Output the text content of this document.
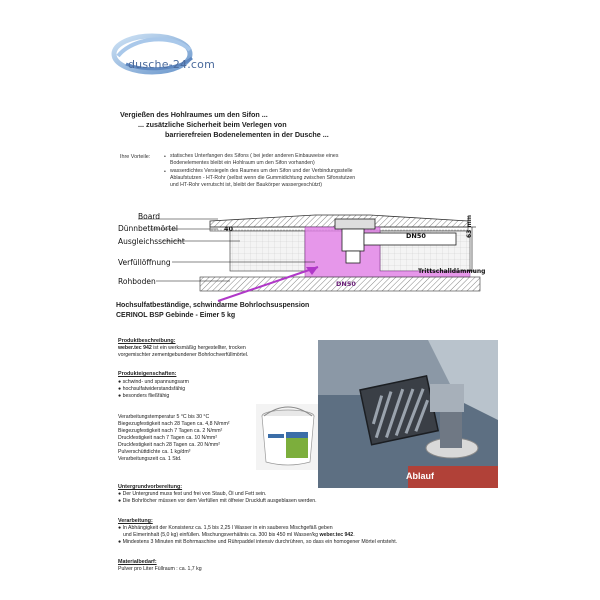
dusche-24.com
Vergießen des Hohlraumes um den Sifon ...
... zusätzliche Sicherheit beim Verlegen von
barrierefreien Bodenelementen in der Dusche ...
Ihre Vorteile:	• statisches Unterfangen des Sifons ( bei jeder anderen Einbauweise eines
Bodenelementes bleibt ein Hohlraum um den Sifon vorhanden)
• wasserdichtes Versiegeln des Raumes um den Sifon und der Verbindungsstelle
Ablaufstutzen - HT-Rohr (selbst wenn die Gummidichtung zwischen Sifonstutzen
und HT-Rohr verrutscht ist, bleibt der Baukörper wassergeschützt)
Board
Dünnbettmörtel
Ausgleichsschicht
Verfüllöffnung
Rohboden
40
DN50
DN50
63 mm
Trittschalldämmung
Hochsulfatbeständige, schwindarme Bohrlochsuspension
CERINOL BSP Gebinde - Eimer 5 kg
Produktbeschreibung:
weber.tec 942 ist ein werksmäßig hergestellter, trocken
vorgemischter zementgebundener Bohrlochverfüllmörtel.
Produkteigenschaften:
● schwind- und spannungsarm
● hochsulfatwiderstandsfähig
● besonders fließfähig
Verarbeitungstemperatur 5 °C bis 30 °C
Biegezugfestigkeit nach 28 Tagen ca. 4,8 N/mm²
Biegezugfestigkeit nach 7 Tagen ca. 2 N/mm²
Druckfestigkeit nach 7 Tagen ca. 10 N/mm²
Druckfestigkeit nach 28 Tagen ca. 20 N/mm²
Pulverschüttdichte ca. 1 kg/dm³
Verarbeitungszeit ca. 1 Std.
Ablauf
Untergrundvorbereitung:
● Der Untergrund muss fest und frei von Staub, Öl und Fett sein.
● Die Bohrlöcher müssen vor dem Verfüllen mit ölfreier Druckluft ausgeblasen werden.
Verarbeitung:
● In Abhängigkeit der Konsistenz ca. 1,5 bis 2,25 l Wasser in ein sauberes Mischgefäß geben
und Eimerinhalt (5,0 kg) einfüllen. Mischungsverhältnis ca. 300 bis 450 ml Wasser/kg weber.tec 942.
● Mindestens 3 Minuten mit Bohrmaschine und Rührpaddel intensiv durchrühren, so dass ein homogener Mörtel entsteht.
Materialbedarf:
Pulver pro Liter Füllraum : ca. 1,7 kg
